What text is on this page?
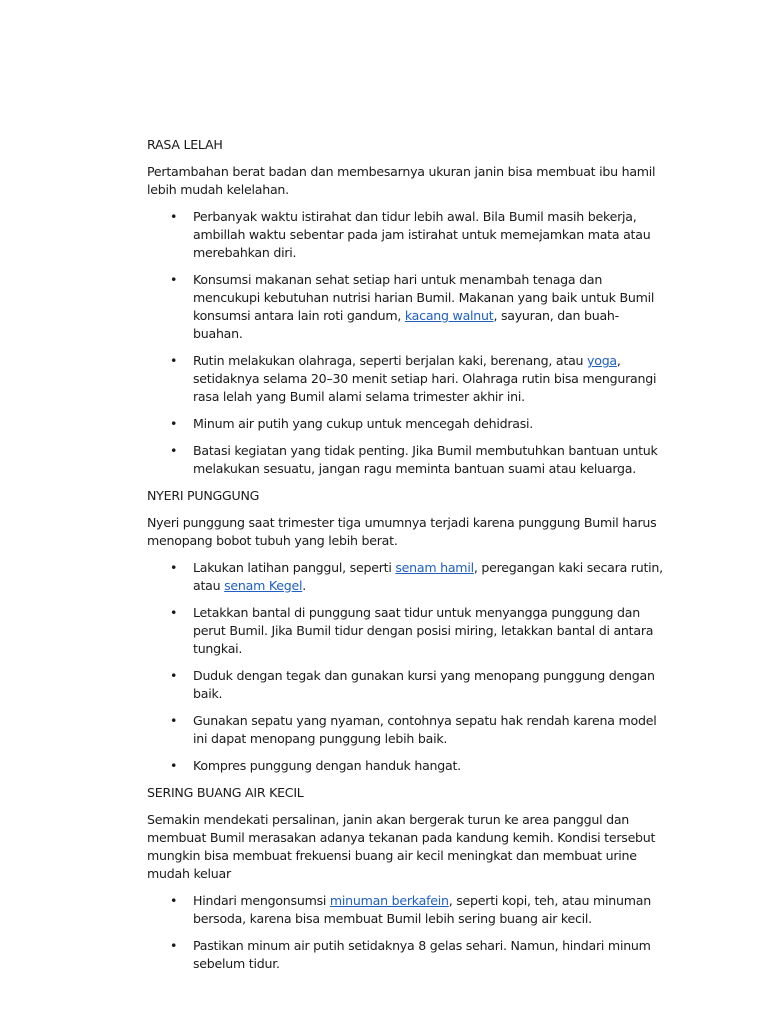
RASA LELAH
Pertambahan berat badan dan membesarnya ukuran janin bisa membuat ibu hamil lebih mudah kelelahan.
• Perbanyak waktu istirahat dan tidur lebih awal. Bila Bumil masih bekerja, ambillah waktu sebentar pada jam istirahat untuk memejamkan mata atau merebahkan diri.
• Konsumsi makanan sehat setiap hari untuk menambah tenaga dan mencukupi kebutuhan nutrisi harian Bumil. Makanan yang baik untuk Bumil konsumsi antara lain roti gandum, kacang walnut, sayuran, dan buah-buahan.
• Rutin melakukan olahraga, seperti berjalan kaki, berenang, atau yoga, setidaknya selama 20–30 menit setiap hari. Olahraga rutin bisa mengurangi rasa lelah yang Bumil alami selama trimester akhir ini.
• Minum air putih yang cukup untuk mencegah dehidrasi.
• Batasi kegiatan yang tidak penting. Jika Bumil membutuhkan bantuan untuk melakukan sesuatu, jangan ragu meminta bantuan suami atau keluarga.
NYERI PUNGGUNG
Nyeri punggung saat trimester tiga umumnya terjadi karena punggung Bumil harus menopang bobot tubuh yang lebih berat.
• Lakukan latihan panggul, seperti senam hamil, peregangan kaki secara rutin, atau senam Kegel.
• Letakkan bantal di punggung saat tidur untuk menyangga punggung dan perut Bumil. Jika Bumil tidur dengan posisi miring, letakkan bantal di antara tungkai.
• Duduk dengan tegak dan gunakan kursi yang menopang punggung dengan baik.
• Gunakan sepatu yang nyaman, contohnya sepatu hak rendah karena model ini dapat menopang punggung lebih baik.
• Kompres punggung dengan handuk hangat.
SERING BUANG AIR KECIL
Semakin mendekati persalinan, janin akan bergerak turun ke area panggul dan membuat Bumil merasakan adanya tekanan pada kandung kemih. Kondisi tersebut mungkin bisa membuat frekuensi buang air kecil meningkat dan membuat urine mudah keluar
• Hindari mengonsumsi minuman berkafein, seperti kopi, teh, atau minuman bersoda, karena bisa membuat Bumil lebih sering buang air kecil.
• Pastikan minum air putih setidaknya 8 gelas sehari. Namun, hindari minum sebelum tidur.
